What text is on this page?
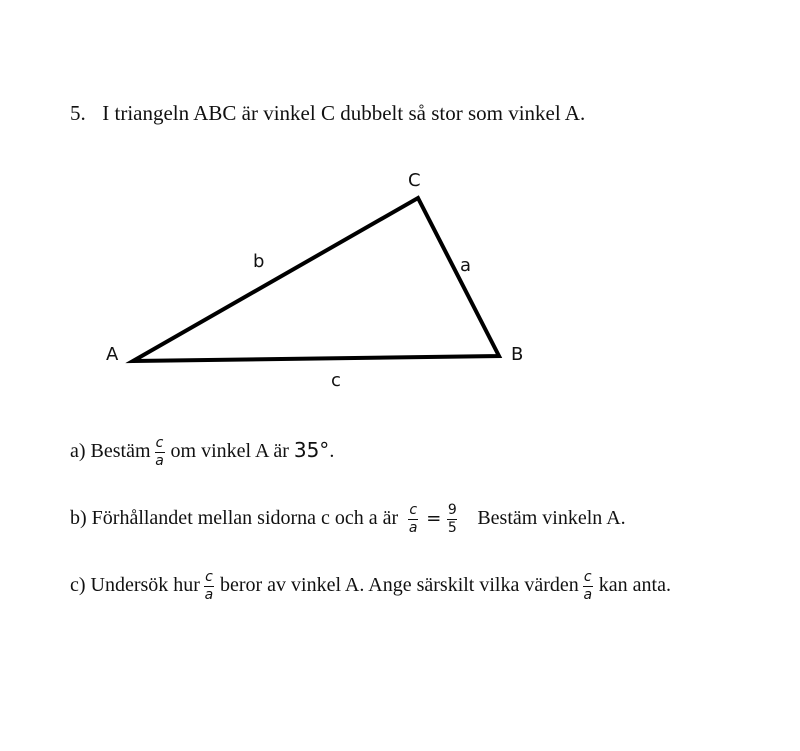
5. I triangeln ABC är vinkel C dubbelt så stor som vinkel A.
A	B
C
b	a
c
a) Bestäm $\frac{c}{a}$ om vinkel A är 35°.
b) Förhållandet mellan sidorna c och a är $\frac{c}{a} = \frac{9}{5}$ Bestäm vinkeln A.
c) Undersök hur $\frac{c}{a}$ beror av vinkel A. Ange särskilt vilka värden $\frac{c}{a}$ kan anta.
